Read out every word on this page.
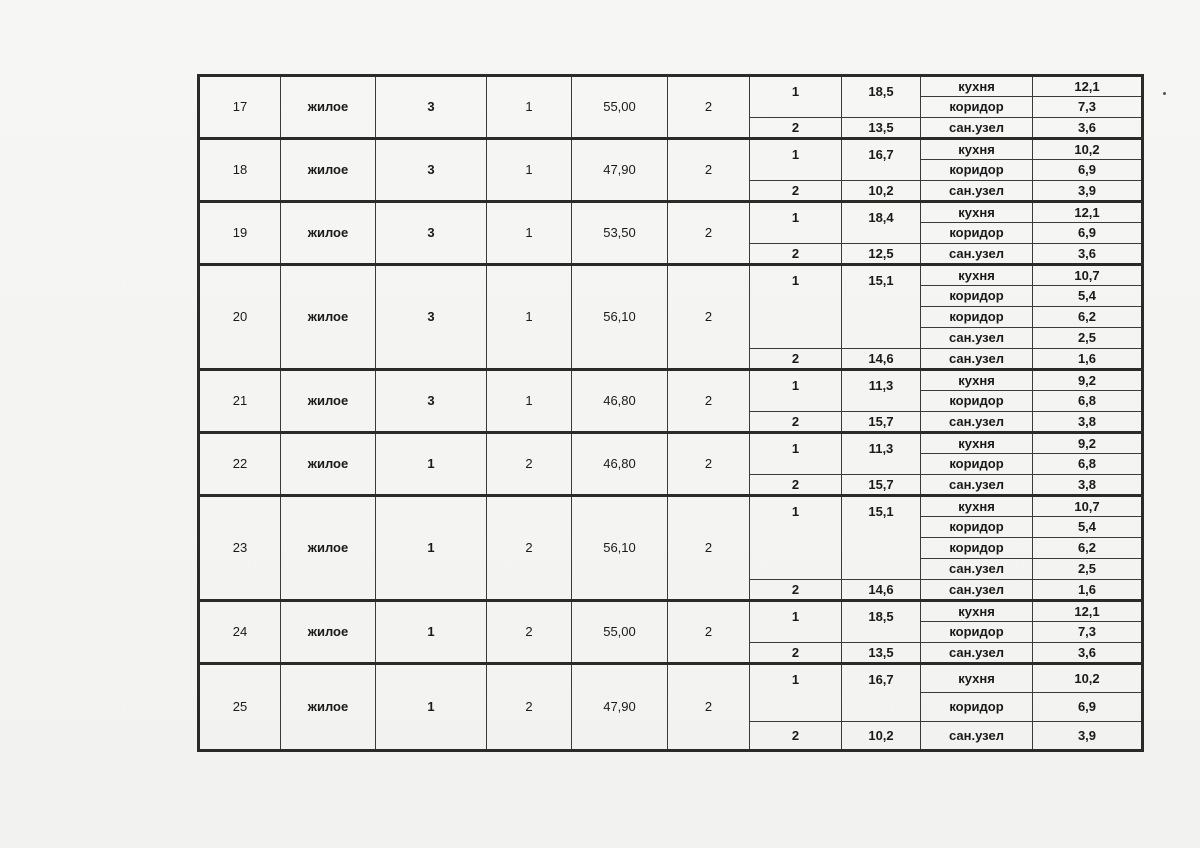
17	жилое	3	1	55,00	2	1	18,5	кухня	12,1
								коридор	7,3
						2	13,5	сан.узел	3,6
18	жилое	3	1	47,90	2	1	16,7	кухня	10,2
								коридор	6,9
						2	10,2	сан.узел	3,9
19	жилое	3	1	53,50	2	1	18,4	кухня	12,1
								коридор	6,9
						2	12,5	сан.узел	3,6
20	жилое	3	1	56,10	2	1	15,1	кухня	10,7
								коридор	5,4
								коридор	6,2
								сан.узел	2,5
						2	14,6	сан.узел	1,6
21	жилое	3	1	46,80	2	1	11,3	кухня	9,2
								коридор	6,8
						2	15,7	сан.узел	3,8
22	жилое	1	2	46,80	2	1	11,3	кухня	9,2
								коридор	6,8
						2	15,7	сан.узел	3,8
23	жилое	1	2	56,10	2	1	15,1	кухня	10,7
								коридор	5,4
								коридор	6,2
								сан.узел	2,5
						2	14,6	сан.узел	1,6
24	жилое	1	2	55,00	2	1	18,5	кухня	12,1
								коридор	7,3
						2	13,5	сан.узел	3,6
25	жилое	1	2	47,90	2	1	16,7	кухня	10,2
								коридор	6,9
						2	10,2	сан.узел	3,9
